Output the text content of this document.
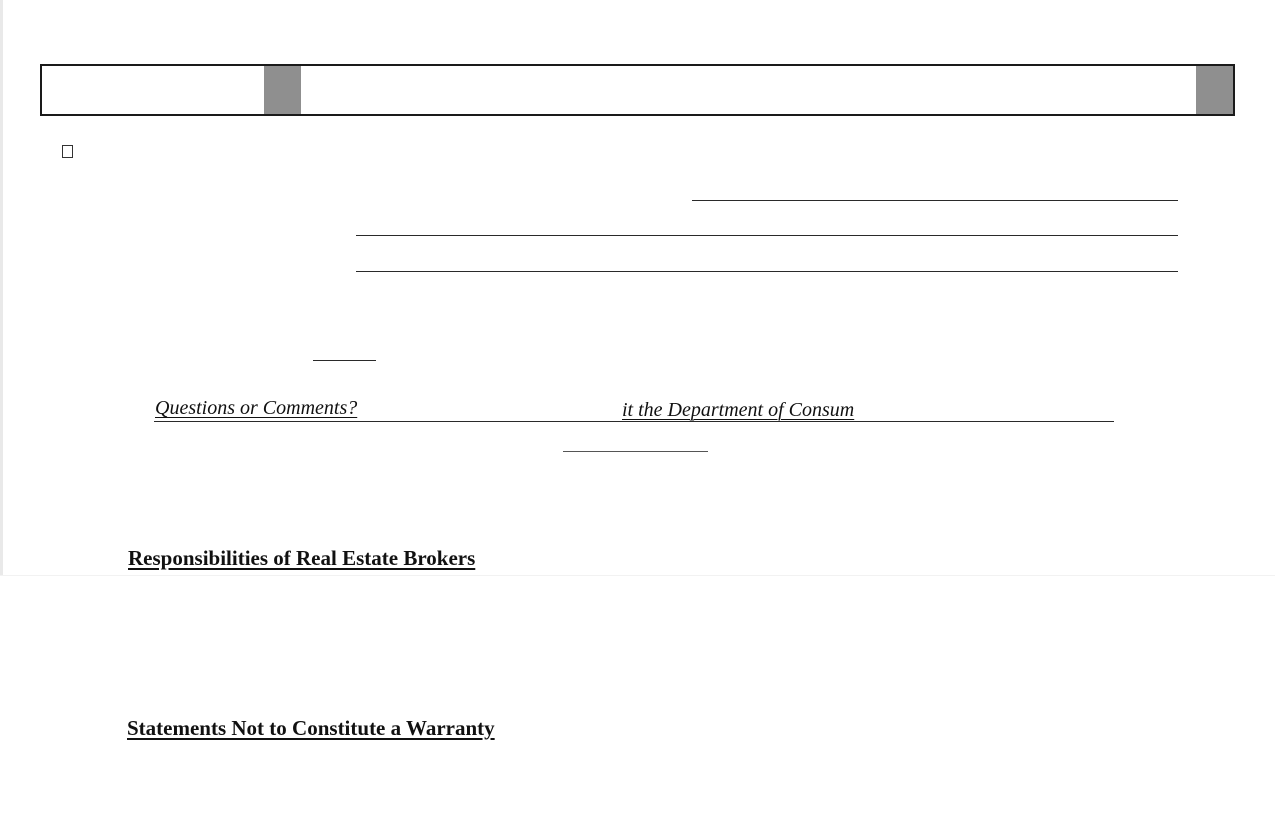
Questions or Comments?	it the Department of Consum
Responsibilities of Real Estate Brokers
Statements Not to Constitute a Warranty
